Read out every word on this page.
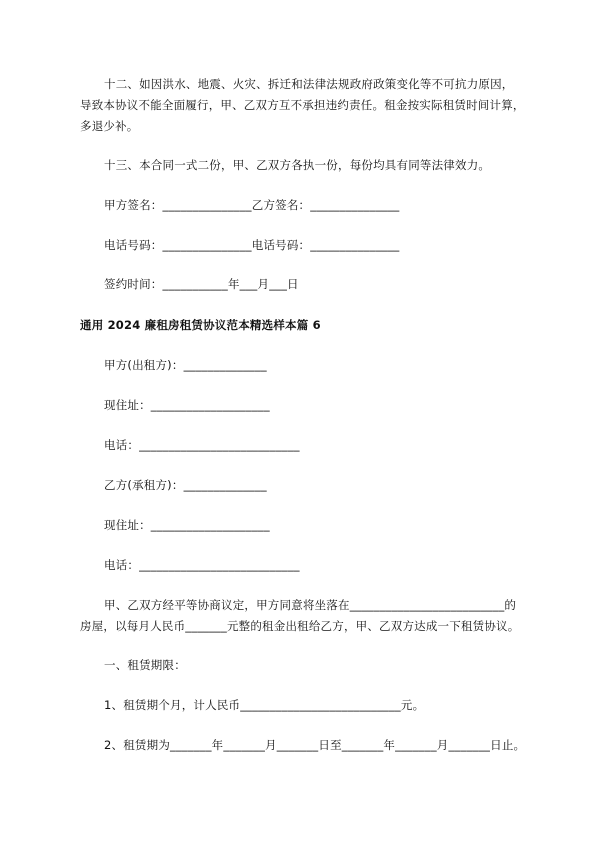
十二、如因洪水、地震、火灾、拆迁和法律法规政府政策变化等不可抗力原因，
导致本协议不能全面履行，甲、乙双方互不承担违约责任。租金按实际租赁时间计算，
多退少补。
十三、本合同一式二份，甲、乙双方各执一份，每份均具有同等法律效力。
甲方签名：_______________乙方签名：_______________
电话号码：_______________电话号码：_______________
签约时间：___________年___月___日
通用 2024 廉租房租赁协议范本精选样本篇 6
甲方(出租方)：______________
现住址：____________________
电话：___________________________
乙方(承租方)：______________
现住址：____________________
电话：___________________________
甲、乙双方经平等协商议定，甲方同意将坐落在__________________________的
房屋，以每月人民币_______元整的租金出租给乙方，甲、乙双方达成一下租赁协议。
一、租赁期限：
1、租赁期个月，计人民币___________________________元。
2、租赁期为_______年_______月_______日至_______年_______月_______日止。
